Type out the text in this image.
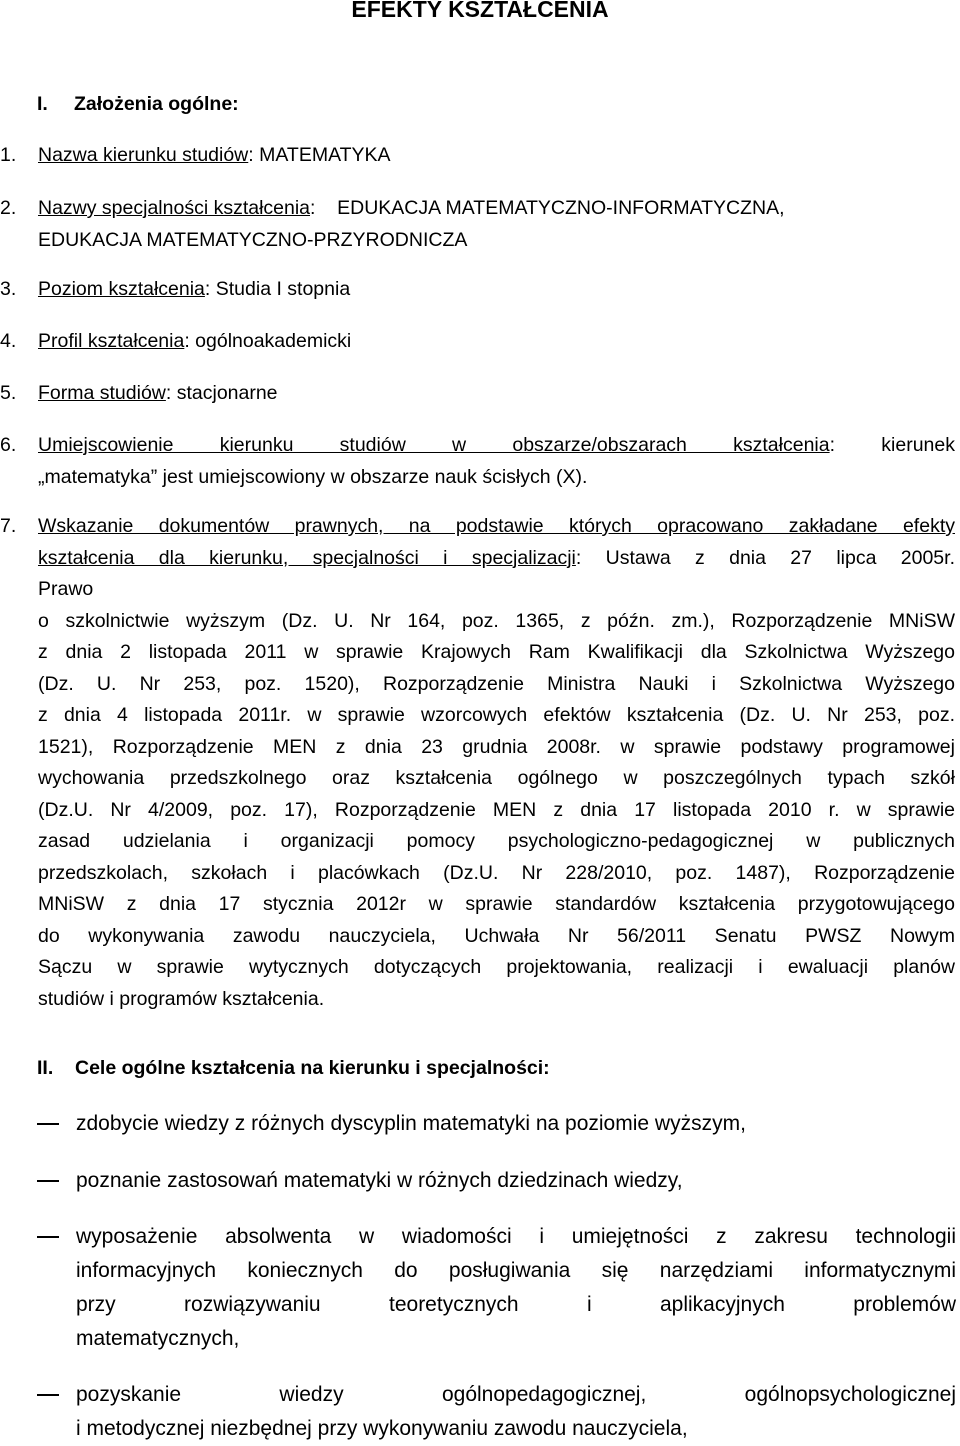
EFEKTY KSZTAŁCENIA
I. Założenia ogólne:
1.	Nazwa kierunku studiów: MATEMATYKA
2.	Nazwy specjalności kształcenia:    EDUKACJA MATEMATYCZNO-INFORMATYCZNA,
EDUKACJA MATEMATYCZNO-PRZYRODNICZA
3.	Poziom kształcenia: Studia I stopnia
4.	Profil kształcenia: ogólnoakademicki
5.	Forma studiów: stacjonarne
6.	Umiejscowienie kierunku studiów w obszarze/obszarach kształcenia: kierunek
„matematyka” jest umiejscowiony w obszarze nauk ścisłych (X).
7.	Wskazanie dokumentów prawnych, na podstawie których opracowano zakładane efekty
kształcenia dla kierunku, specjalności i specjalizacji: Ustawa z dnia 27 lipca 2005r.
Prawo
o szkolnictwie wyższym (Dz. U. Nr 164, poz. 1365, z późn. zm.), Rozporządzenie MNiSW
z dnia 2 listopada 2011 w sprawie Krajowych Ram Kwalifikacji dla Szkolnictwa Wyższego
(Dz. U. Nr 253, poz. 1520), Rozporządzenie Ministra Nauki i Szkolnictwa Wyższego
z dnia 4 listopada 2011r. w sprawie wzorcowych efektów kształcenia (Dz. U. Nr 253, poz.
1521), Rozporządzenie MEN z dnia 23 grudnia 2008r. w sprawie podstawy programowej
wychowania przedszkolnego oraz kształcenia ogólnego w poszczególnych typach szkół
(Dz.U. Nr 4/2009, poz. 17), Rozporządzenie MEN z dnia 17 listopada 2010 r. w sprawie
zasad udzielania i organizacji pomocy psychologiczno-pedagogicznej w publicznych
przedszkolach, szkołach i placówkach (Dz.U. Nr 228/2010, poz. 1487), Rozporządzenie
MNiSW z dnia 17 stycznia 2012r w sprawie standardów kształcenia przygotowującego
do wykonywania zawodu nauczyciela, Uchwała Nr 56/2011 Senatu PWSZ Nowym
Sączu w sprawie wytycznych dotyczących projektowania, realizacji i ewaluacji planów
studiów i programów kształcenia.
II. Cele ogólne kształcenia na kierunku i specjalności:
zdobycie wiedzy z różnych dyscyplin matematyki na poziomie wyższym,
poznanie zastosowań matematyki w różnych dziedzinach wiedzy,
wyposażenie absolwenta w wiadomości i umiejętności z zakresu technologii
informacyjnych koniecznych do posługiwania się narzędziami informatycznymi
przy rozwiązywaniu teoretycznych i aplikacyjnych problemów
matematycznych,
pozyskanie wiedzy ogólnopedagogicznej, ogólnopsychologicznej
i metodycznej niezbędnej przy wykonywaniu zawodu nauczyciela,
